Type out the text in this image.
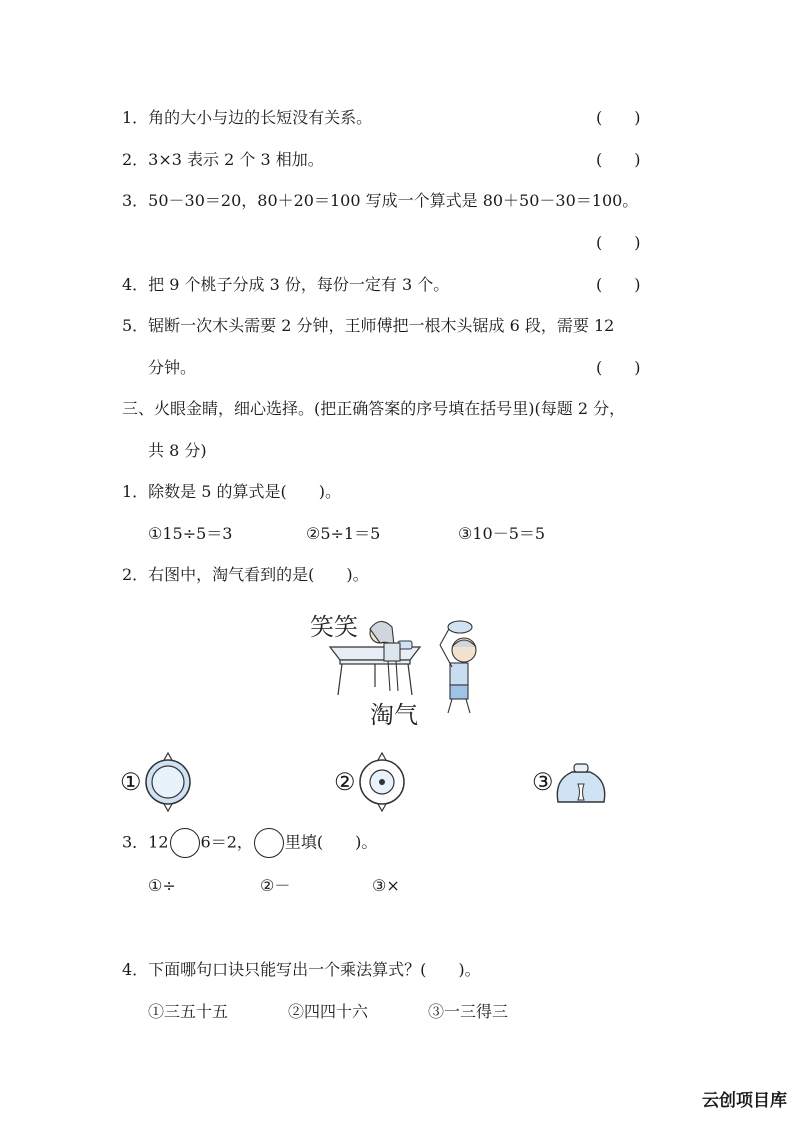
1．角的大小与边的长短没有关系。	( )
2．3×3 表示 2 个 3 相加。	( )
3．50－30＝20，80＋20＝100 写成一个算式是 80＋50－30＝100。
( )
4．把 9 个桃子分成 3 份，每份一定有 3 个。	( )
5．锯断一次木头需要 2 分钟，王师傅把一根木头锯成 6 段，需要 12
分钟。	( )
三、火眼金睛，细心选择。(把正确答案的序号填在括号里)(每题 2 分，
共 8 分)
1．除数是 5 的算式是(　　)。
①15÷5＝3	②5÷1＝5	③10－5＝5
2．右图中，淘气看到的是(　　)。
笑笑
淘气
①	②	③
3．12 6＝2， 里填(　　)。
①÷	②－	③×
4．下面哪句口诀只能写出一个乘法算式？(　　)。
①三五十五	②四四十六	③一三得三
云创项目库
